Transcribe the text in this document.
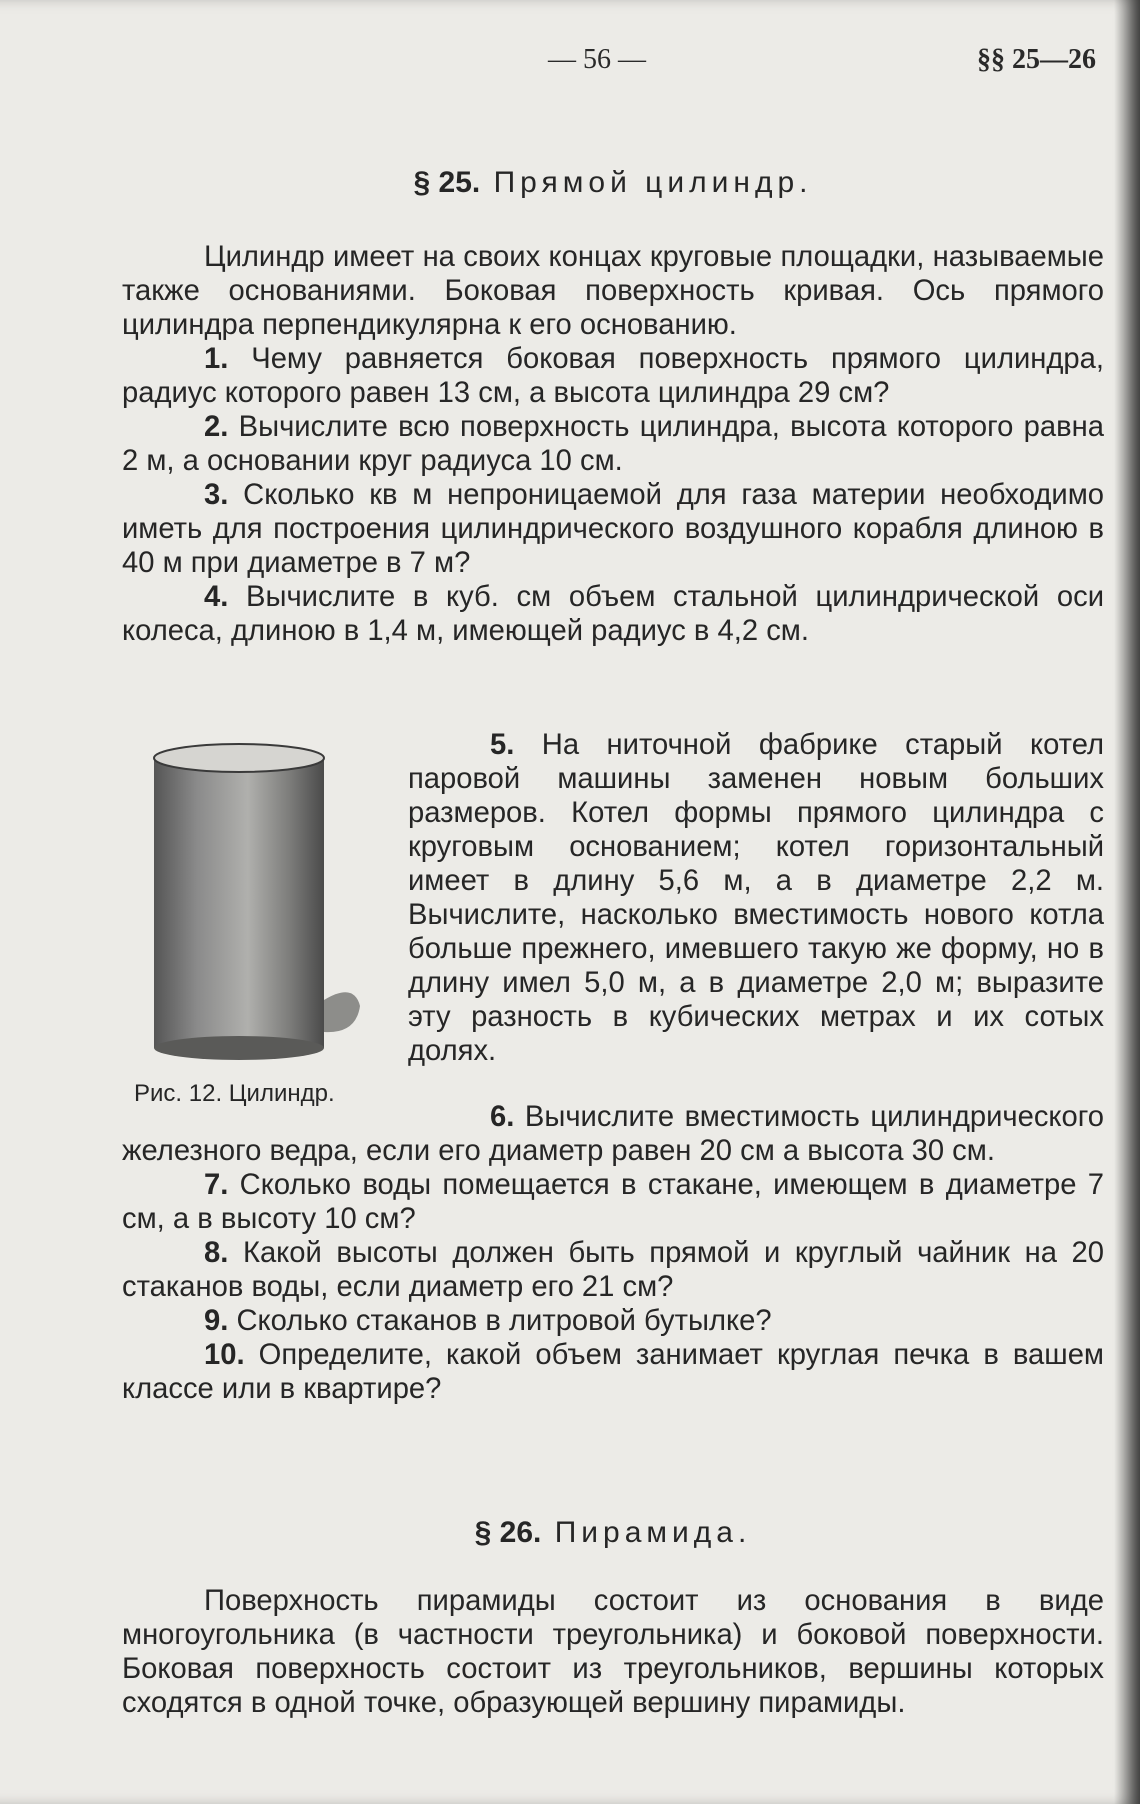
— 56 —	§§ 25—26
§ 25. Прямой цилиндр.

Цилиндр имеет на своих концах круговые площадки, называемые также основаниями. Боковая поверхность кривая. Ось прямого цилиндра перпендикулярна к его основанию.

1. Чему равняется боковая поверхность прямого цилиндра, радиус которого равен 13 см, а высота цилиндра 29 см?

2. Вычислите всю поверхность цилиндра, высота которого равна 2 м, а основании круг радиуса 10 см.

3. Сколько кв м непроницаемой для газа материи необходимо иметь для построения цилиндрического воздушного корабля длиною в 40 м при диаметре в 7 м?

4. Вычислите в куб. см объем стальной цилиндрической оси колеса, длиною в 1,4 м, имеющей радиус в 4,2 см.

Рис. 12. Цилиндр.

5. На ниточной фабрике старый котел паровой машины заменен новым больших размеров. Котел формы прямого цилиндра с круговым основанием; котел горизонтальный имеет в длину 5,6 м, а в диаметре 2,2 м. Вычислите, насколько вместимость нового котла больше прежнего, имевшего такую же форму, но в длину имел 5,0 м, а в диаметре 2,0 м; выразите эту разность в кубических метрах и их сотых долях.

6. Вычислите вместимость цилиндрического железного ведра, если его диаметр равен 20 см а высота 30 см.

7. Сколько воды помещается в стакане, имеющем в диаметре 7 см, а в высоту 10 см?

8. Какой высоты должен быть прямой и круглый чайник на 20 стаканов воды, если диаметр его 21 см?

9. Сколько стаканов в литровой бутылке?

10. Определите, какой объем занимает круглая печка в вашем классе или в квартире?

§ 26. Пирамида.

Поверхность пирамиды состоит из основания в виде многоугольника (в частности треугольника) и боковой поверхности. Боковая поверхность состоит из треугольников, вершины которых сходятся в одной точке, образующей вершину пирамиды.
